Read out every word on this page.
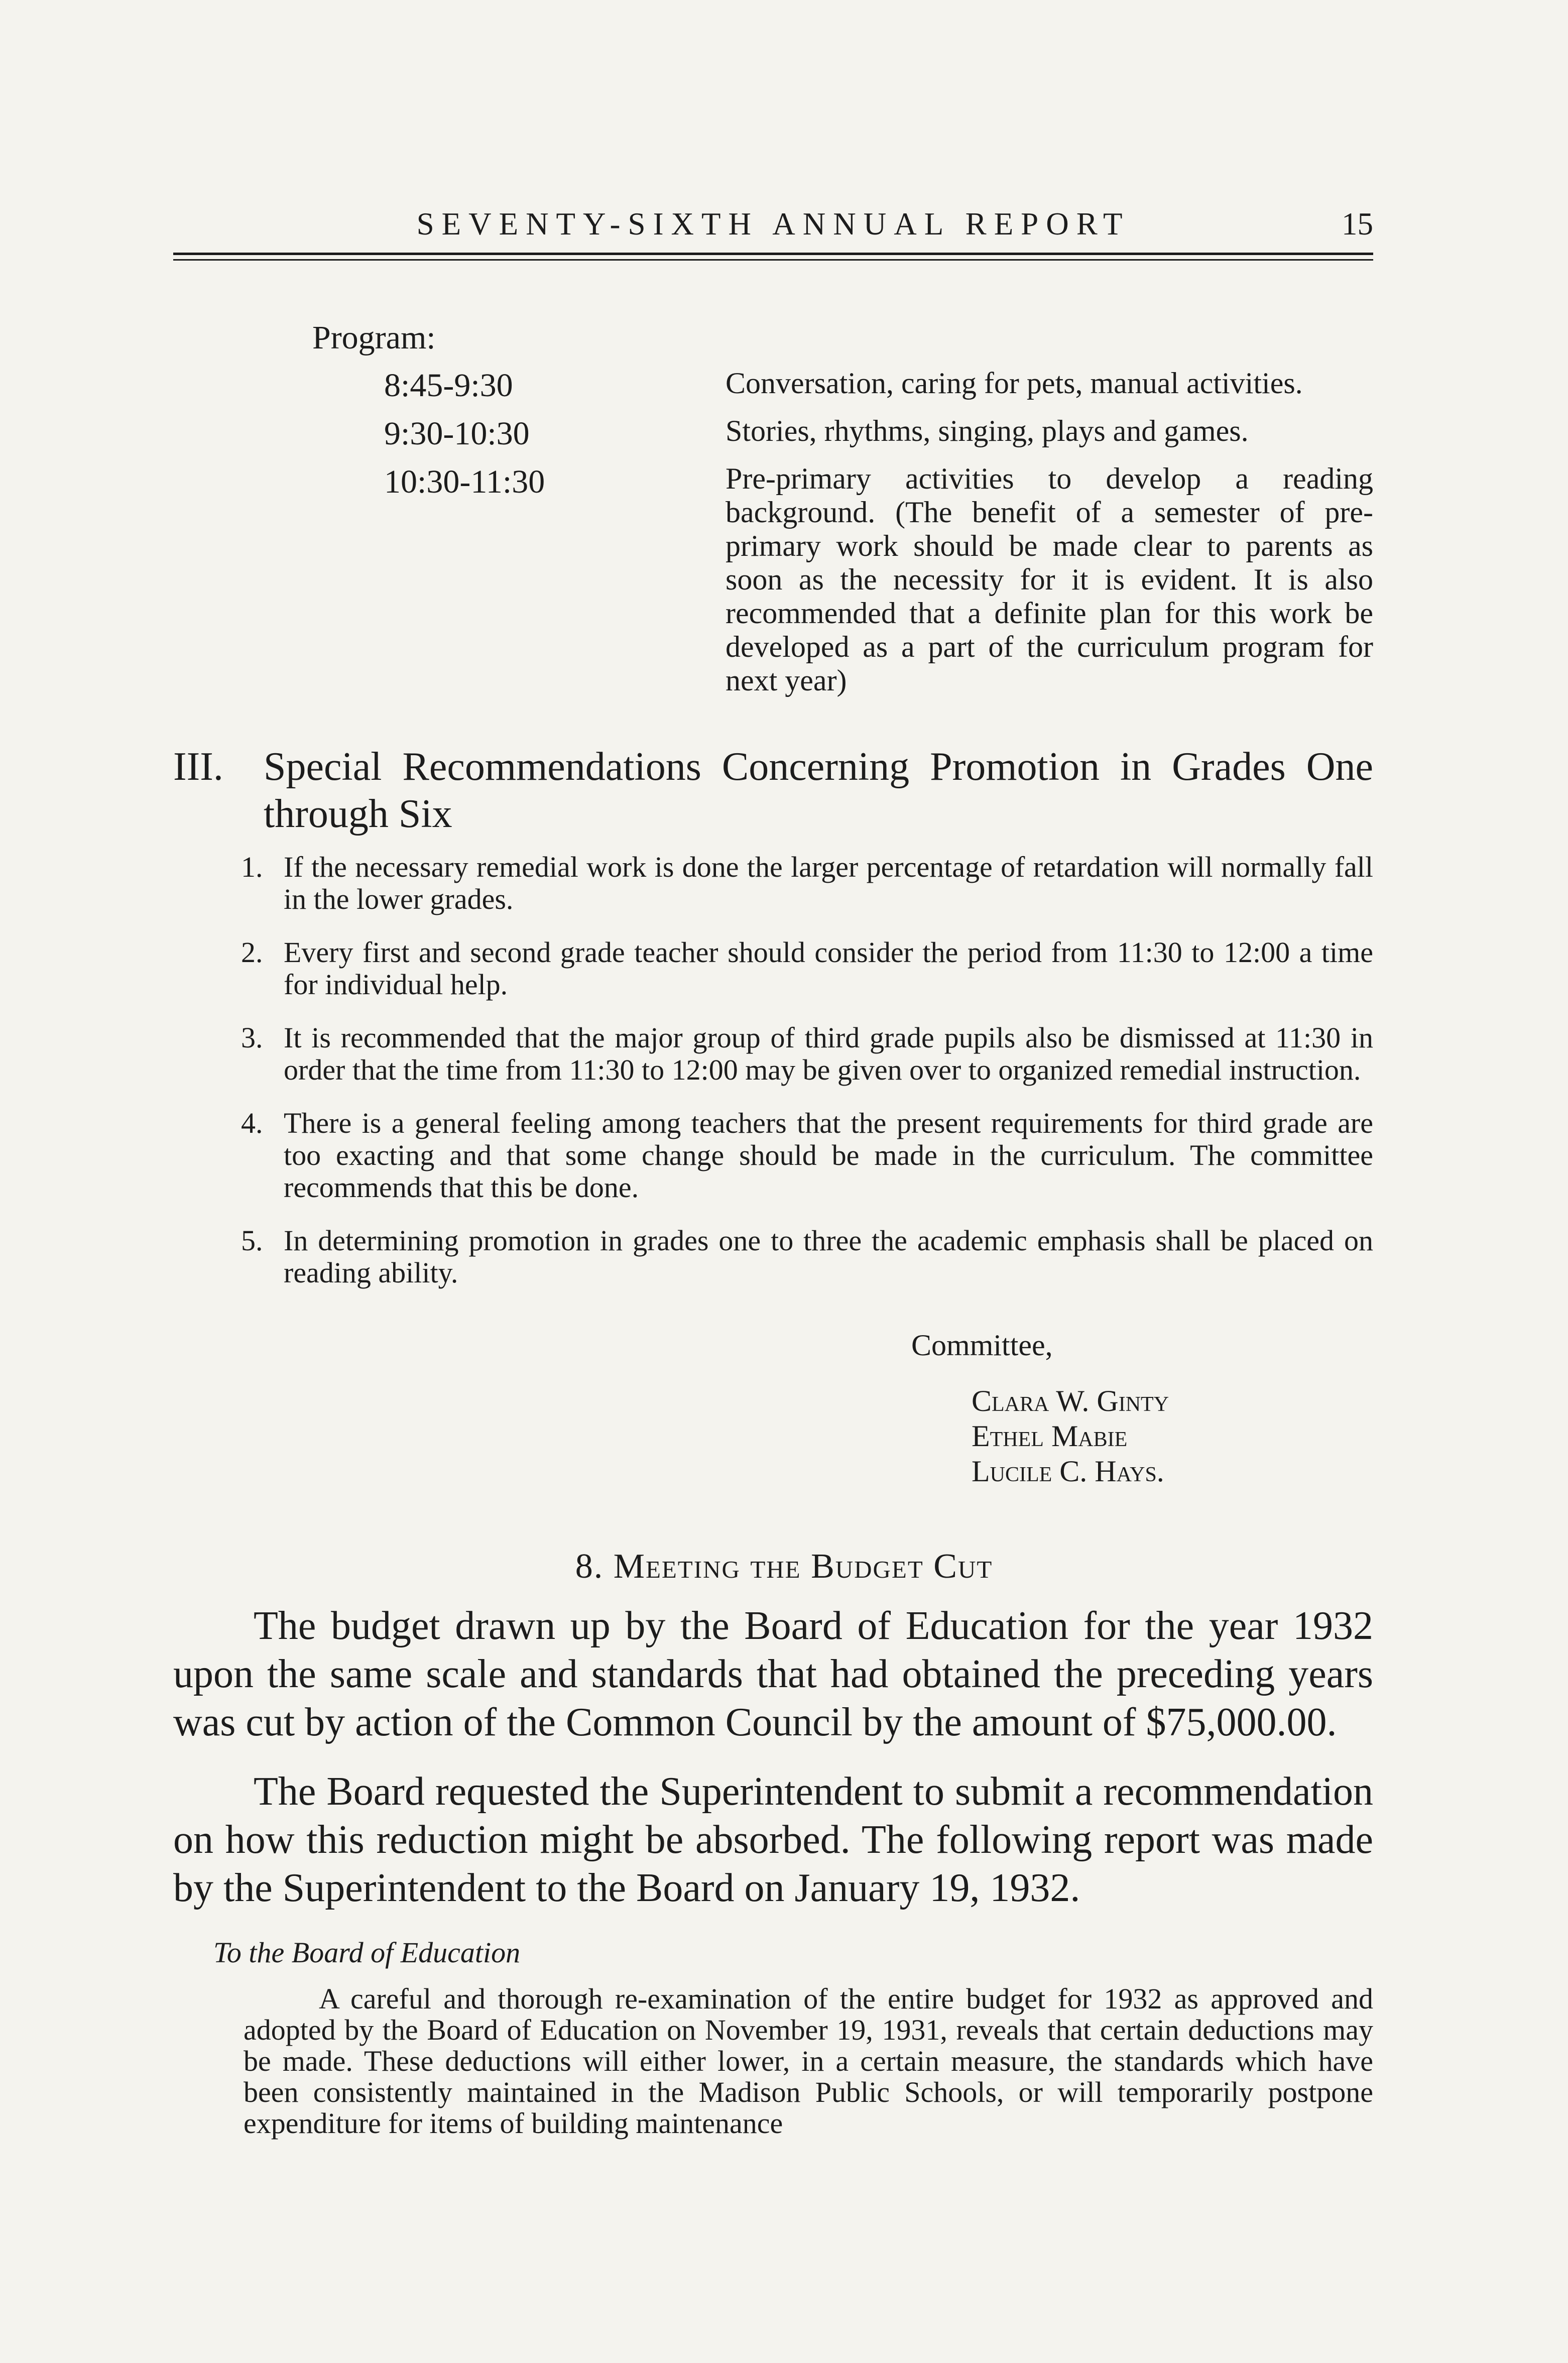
SEVENTY-SIXTH ANNUAL REPORT	15
Program:
8:45-9:30
9:30-10:30
10:30-11:30
Conversation, caring for pets, manual activities.
Stories, rhythms, singing, plays and games.
Pre-primary activities to develop a reading background. (The benefit of a semester of pre-primary work should be made clear to parents as soon as the necessity for it is evident. It is also recommended that a definite plan for this work be developed as a part of the curriculum program for next year)
III. Special Recommendations Concerning Promotion in Grades One through Six
1. If the necessary remedial work is done the larger percentage of retardation will normally fall in the lower grades.
2. Every first and second grade teacher should consider the period from 11:30 to 12:00 a time for individual help.
3. It is recommended that the major group of third grade pupils also be dismissed at 11:30 in order that the time from 11:30 to 12:00 may be given over to organized remedial instruction.
4. There is a general feeling among teachers that the present requirements for third grade are too exacting and that some change should be made in the curriculum. The committee recommends that this be done.
5. In determining promotion in grades one to three the academic emphasis shall be placed on reading ability.
Committee,
Clara W. Ginty
Ethel Mabie
Lucile C. Hays.
8. Meeting the Budget Cut
The budget drawn up by the Board of Education for the year 1932 upon the same scale and standards that had obtained the preceding years was cut by action of the Common Council by the amount of $75,000.00.
The Board requested the Superintendent to submit a recommendation on how this reduction might be absorbed. The following report was made by the Superintendent to the Board on January 19, 1932.
To the Board of Education
A careful and thorough re-examination of the entire budget for 1932 as approved and adopted by the Board of Education on November 19, 1931, reveals that certain deductions may be made. These deductions will either lower, in a certain measure, the standards which have been consistently maintained in the Madison Public Schools, or will temporarily postpone expenditure for items of building maintenance
